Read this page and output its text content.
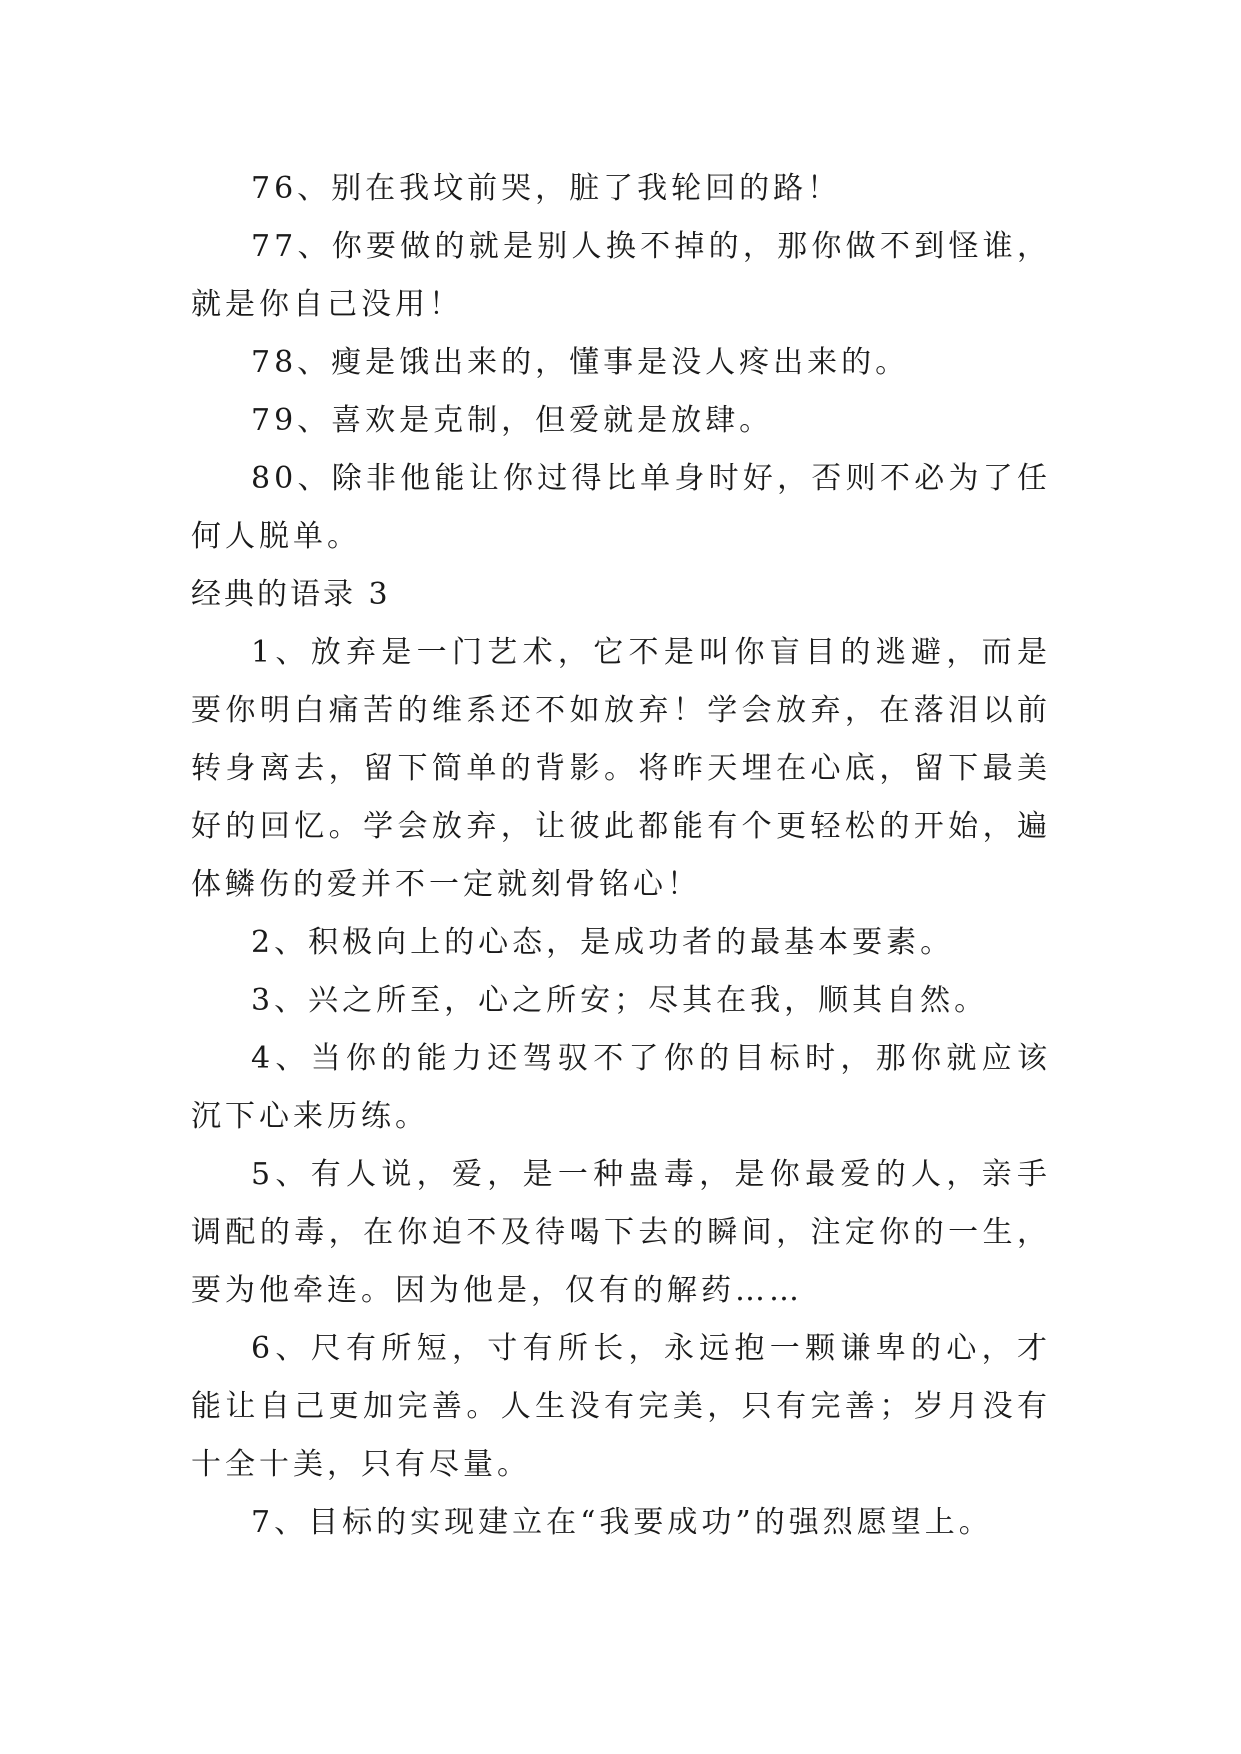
76、别在我坟前哭，脏了我轮回的路！

77、你要做的就是别人换不掉的，那你做不到怪谁，就是你自己没用！

78、瘦是饿出来的，懂事是没人疼出来的。

79、喜欢是克制，但爱就是放肆。

80、除非他能让你过得比单身时好，否则不必为了任何人脱单。

经典的语录 3

1、放弃是一门艺术，它不是叫你盲目的逃避，而是要你明白痛苦的维系还不如放弃！学会放弃，在落泪以前转身离去，留下简单的背影。将昨天埋在心底，留下最美好的回忆。学会放弃，让彼此都能有个更轻松的开始，遍体鳞伤的爱并不一定就刻骨铭心！

2、积极向上的心态，是成功者的最基本要素。

3、兴之所至，心之所安；尽其在我，顺其自然。

4、当你的能力还驾驭不了你的目标时，那你就应该沉下心来历练。

5、有人说，爱，是一种蛊毒，是你最爱的人，亲手调配的毒，在你迫不及待喝下去的瞬间，注定你的一生，要为他牵连。因为他是，仅有的解药……

6、尺有所短，寸有所长，永远抱一颗谦卑的心，才能让自己更加完善。人生没有完美，只有完善；岁月没有十全十美，只有尽量。

7、目标的实现建立在“我要成功”的强烈愿望上。
